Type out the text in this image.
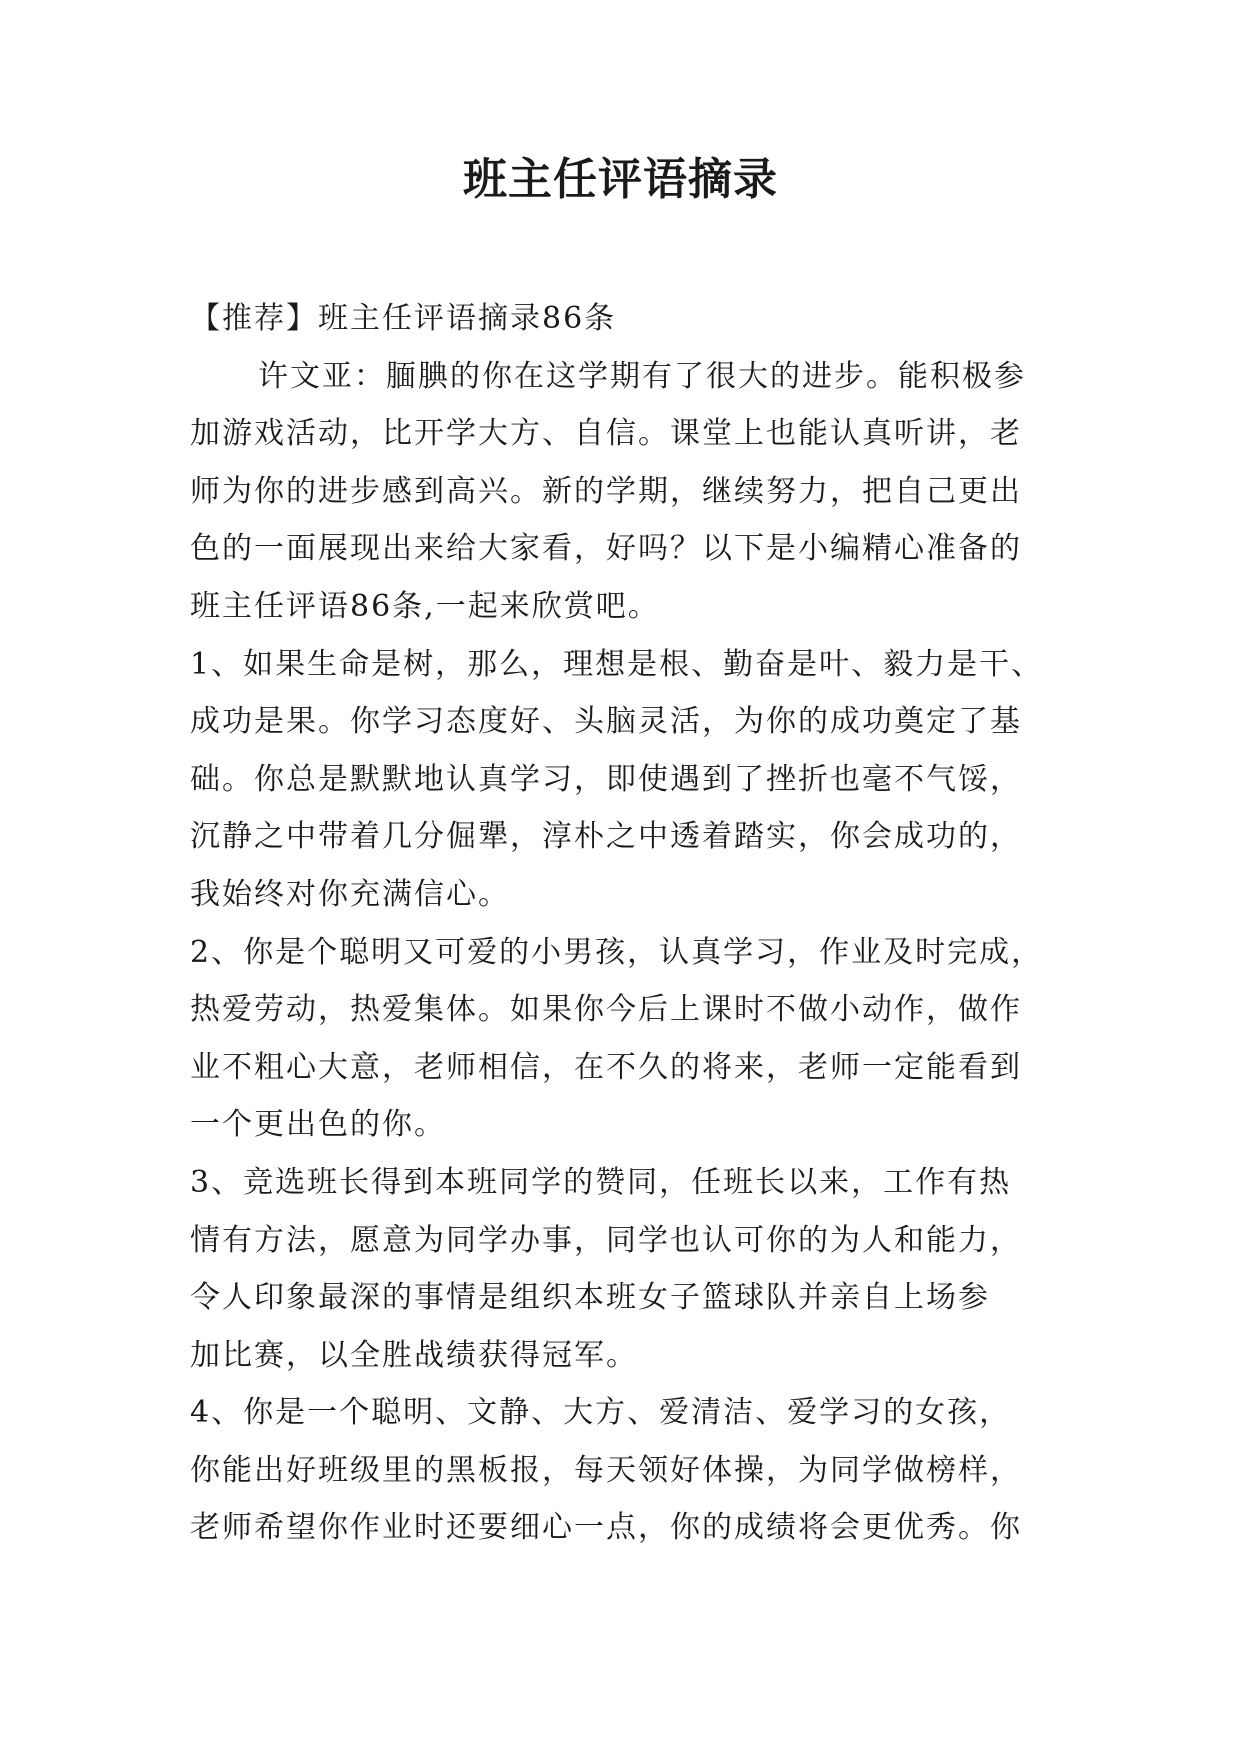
班主任评语摘录
【推荐】班主任评语摘录86条
许文亚：腼腆的你在这学期有了很大的进步。能积极参
加游戏活动，比开学大方、自信。课堂上也能认真听讲，老
师为你的进步感到高兴。新的学期，继续努力，把自己更出
色的一面展现出来给大家看，好吗？以下是小编精心准备的
班主任评语86条,一起来欣赏吧。
1、如果生命是树，那么，理想是根、勤奋是叶、毅力是干、
成功是果。你学习态度好、头脑灵活，为你的成功奠定了基
础。你总是默默地认真学习，即使遇到了挫折也毫不气馁，
沉静之中带着几分倔犟，淳朴之中透着踏实，你会成功的，
我始终对你充满信心。
2、你是个聪明又可爱的小男孩，认真学习，作业及时完成，
热爱劳动，热爱集体。如果你今后上课时不做小动作，做作
业不粗心大意，老师相信，在不久的将来，老师一定能看到
一个更出色的你。
3、竞选班长得到本班同学的赞同，任班长以来，工作有热
情有方法，愿意为同学办事，同学也认可你的为人和能力，
令人印象最深的事情是组织本班女子篮球队并亲自上场参
加比赛，以全胜战绩获得冠军。
4、你是一个聪明、文静、大方、爱清洁、爱学习的女孩，
你能出好班级里的黑板报，每天领好体操，为同学做榜样，
老师希望你作业时还要细心一点，你的成绩将会更优秀。你
